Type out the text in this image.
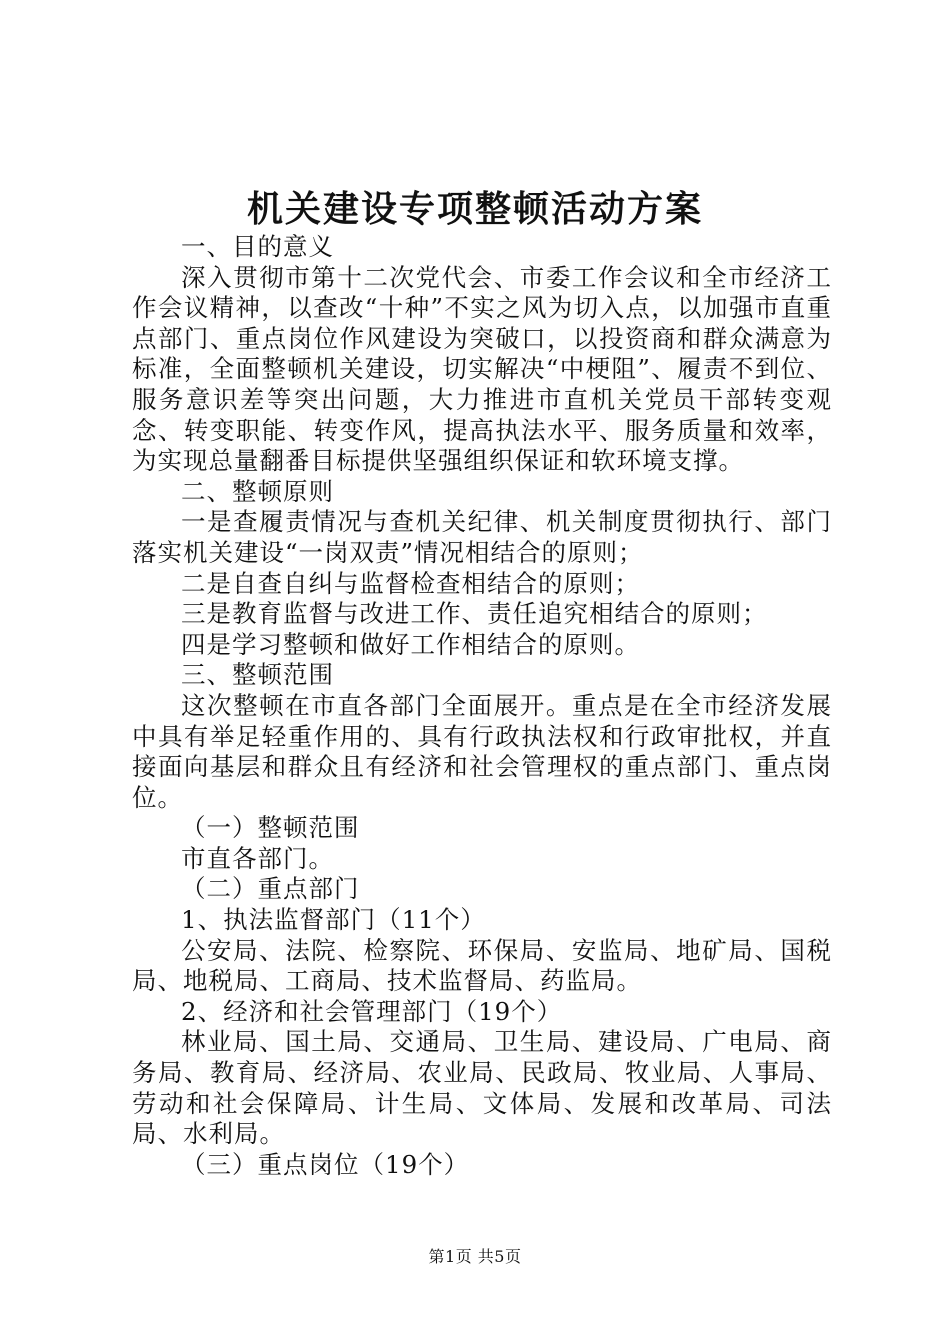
机关建设专项整顿活动方案

一、目的意义

深入贯彻市第十二次党代会、市委工作会议和全市经济工作会议精神，以查改“十种”不实之风为切入点，以加强市直重点部门、重点岗位作风建设为突破口，以投资商和群众满意为标准，全面整顿机关建设，切实解决“中梗阻”、履责不到位、服务意识差等突出问题，大力推进市直机关党员干部转变观念、转变职能、转变作风，提高执法水平、服务质量和效率，为实现总量翻番目标提供坚强组织保证和软环境支撑。

二、整顿原则

一是查履责情况与查机关纪律、机关制度贯彻执行、部门落实机关建设“一岗双责”情况相结合的原则；

二是自查自纠与监督检查相结合的原则；

三是教育监督与改进工作、责任追究相结合的原则；

四是学习整顿和做好工作相结合的原则。

三、整顿范围

这次整顿在市直各部门全面展开。重点是在全市经济发展中具有举足轻重作用的、具有行政执法权和行政审批权，并直接面向基层和群众且有经济和社会管理权的重点部门、重点岗位。

（一）整顿范围

市直各部门。

（二）重点部门

1、执法监督部门（11个）

公安局、法院、检察院、环保局、安监局、地矿局、国税局、地税局、工商局、技术监督局、药监局。

2、经济和社会管理部门（19个）

林业局、国土局、交通局、卫生局、建设局、广电局、商务局、教育局、经济局、农业局、民政局、牧业局、人事局、劳动和社会保障局、计生局、文体局、发展和改革局、司法局、水利局。

（三）重点岗位（19个）

第1页 共5页
